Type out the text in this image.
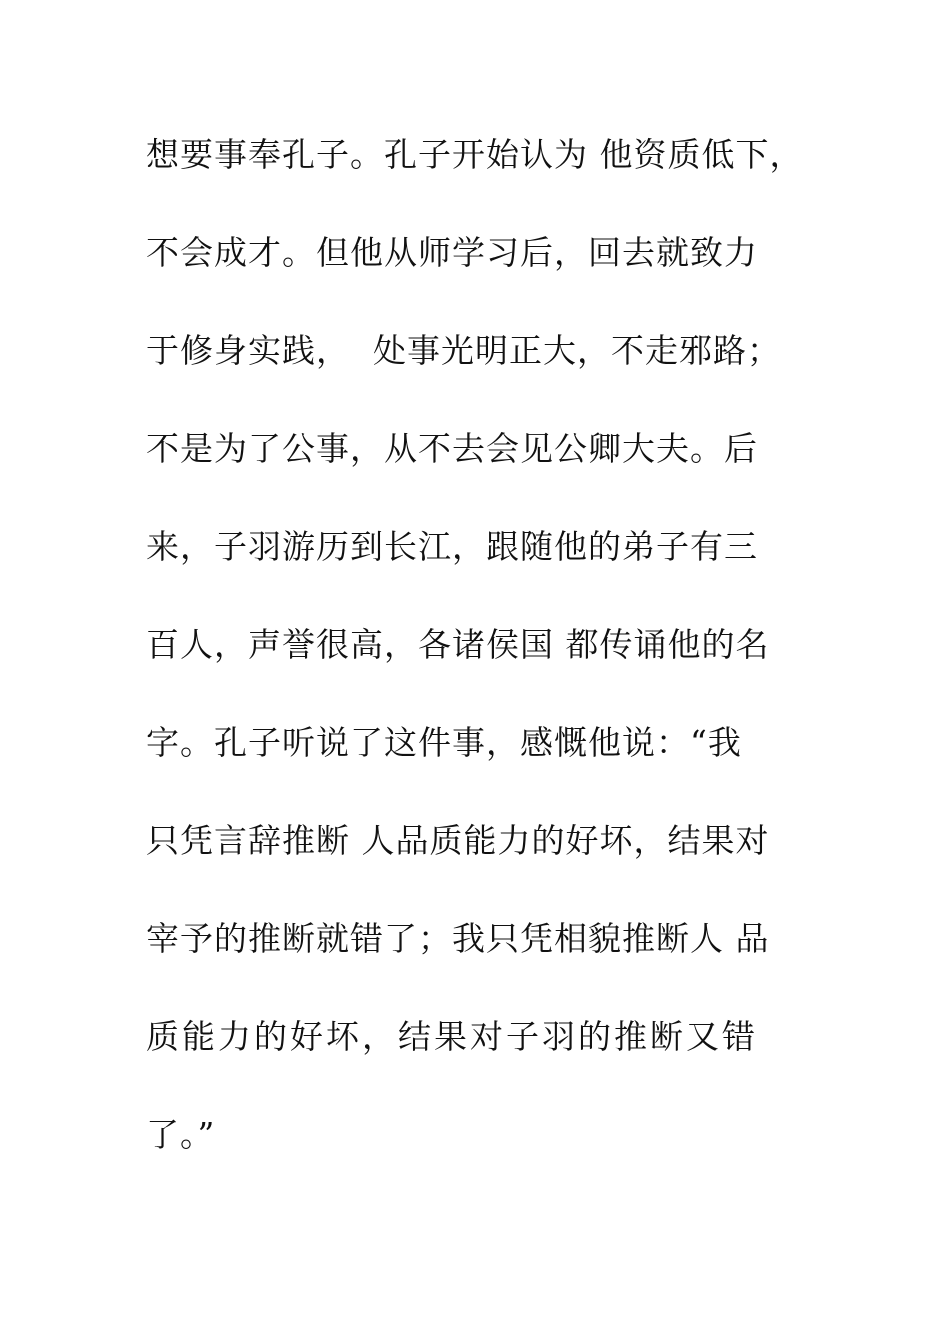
想要事奉孔子。孔子开始认为 他资质低下，
不会成才。但他从师学习后，回去就致力
于修身实践，  处事光明正大，不走邪路；
不是为了公事，从不去会见公卿大夫。后
来，子羽游历到长江，跟随他的弟子有三
百人，声誉很高，各诸侯国 都传诵他的名
字。孔子听说了这件事，感慨他说：“我
只凭言辞推断 人品质能力的好坏，结果对
宰予的推断就错了；我只凭相貌推断人 品
质能力的好坏，结果对子羽的推断又错
了。”
